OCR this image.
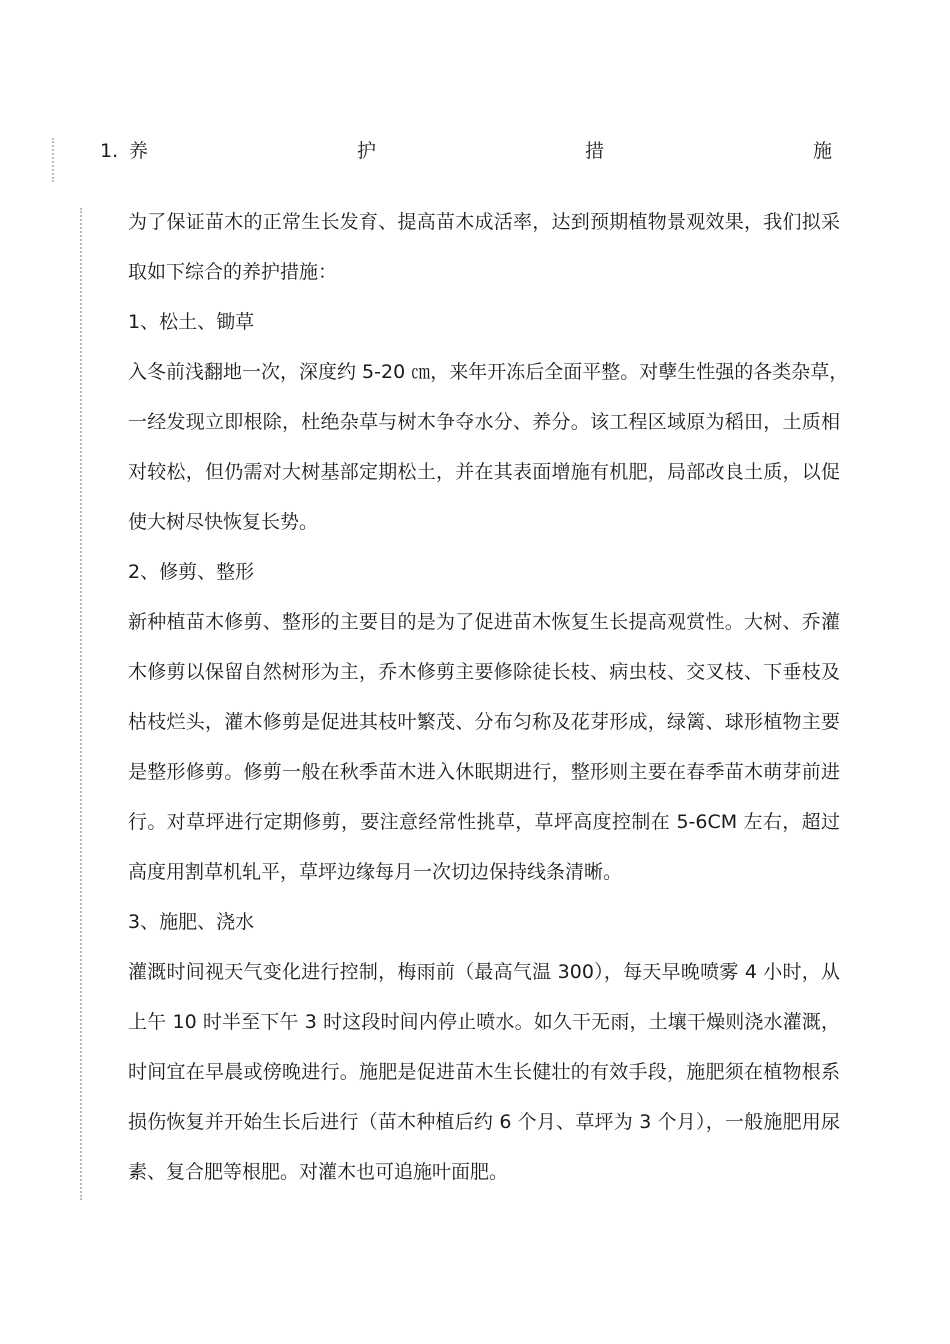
1. 养	护	措	施
为了保证苗木的正常生长发育、提高苗木成活率，达到预期植物景观效果，我们拟采
取如下综合的养护措施：
1、松土、锄草
入冬前浅翻地一次，深度约 5-20 ㎝，来年开冻后全面平整。对孽生性强的各类杂草，
一经发现立即根除，杜绝杂草与树木争夺水分、养分。该工程区域原为稻田，土质相
对较松，但仍需对大树基部定期松土，并在其表面增施有机肥，局部改良土质，以促
使大树尽快恢复长势。
2、修剪、整形
新种植苗木修剪、整形的主要目的是为了促进苗木恢复生长提高观赏性。大树、乔灌
木修剪以保留自然树形为主，乔木修剪主要修除徒长枝、病虫枝、交叉枝、下垂枝及
枯枝烂头，灌木修剪是促进其枝叶繁茂、分布匀称及花芽形成，绿篱、球形植物主要
是整形修剪。修剪一般在秋季苗木进入休眠期进行，整形则主要在春季苗木萌芽前进
行。对草坪进行定期修剪，要注意经常性挑草，草坪高度控制在 5-6CM 左右，超过
高度用割草机轧平，草坪边缘每月一次切边保持线条清晰。
3、施肥、浇水
灌溉时间视天气变化进行控制，梅雨前（最高气温 300），每天早晚喷雾 4 小时，从
上午 10 时半至下午 3 时这段时间内停止喷水。如久干无雨，土壤干燥则浇水灌溉，
时间宜在早晨或傍晚进行。施肥是促进苗木生长健壮的有效手段，施肥须在植物根系
损伤恢复并开始生长后进行（苗木种植后约 6 个月、草坪为 3 个月），一般施肥用尿
素、复合肥等根肥。对灌木也可追施叶面肥。
